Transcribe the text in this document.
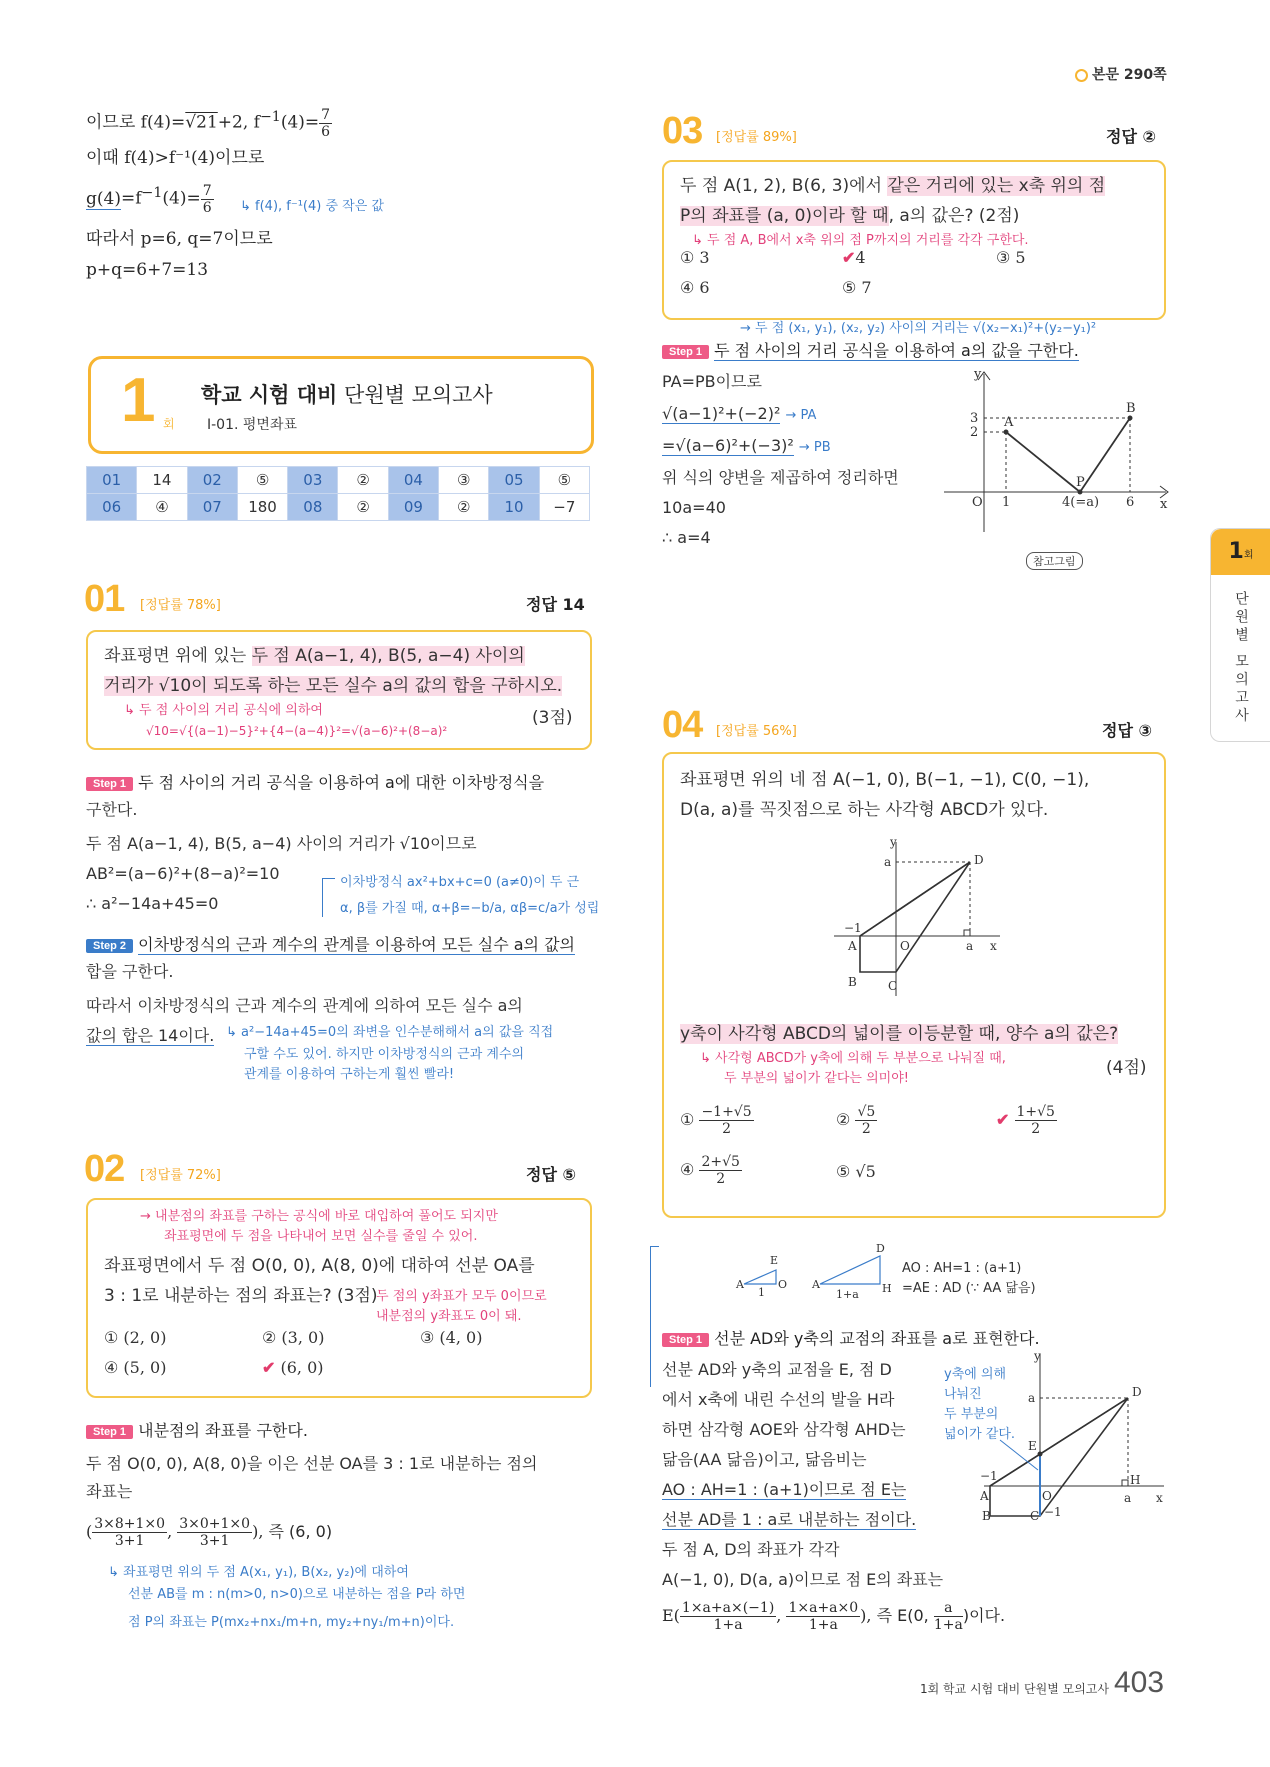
본문 290쪽
1회
단원별 모의고사
이므로 f(4)=√21+2, $f^{-1}(4)= \frac{7}{6}$
이때 f(4)>f⁻¹(4)이므로
$g(4)=f^{-1}(4)= \frac{7}{6}$ ↳ f(4), f⁻¹(4) 중 작은 값
따라서 p=6, q=7이므로
p+q=6+7=13
1 회
학교 시험 대비 단원별 모의고사
Ⅰ-01. 평면좌표
01	14	02	⑤	03	②	04	③	05	⑤
06	④	07	180	08	②	09	②	10	−7
01 [정답률 78%]	정답 14
좌표평면 위에 있는 두 점 A(a−1, 4), B(5, a−4) 사이의
거리가 √10이 되도록 하는 모든 실수 a의 값의 합을 구하시오.
↳ 두 점 사이의 거리 공식에 의하여
√10=√{(a−1)−5}²+{4−(a−4)}²=√(a−6)²+(8−a)²
(3점)
Step 1 두 점 사이의 거리 공식을 이용하여 a에 대한 이차방정식을
구한다.
두 점 A(a−1, 4), B(5, a−4) 사이의 거리가 √10이므로
AB²=(a−6)²+(8−a)²=10
∴ a²−14a+45=0
이차방정식 ax²+bx+c=0 (a≠0)이 두 근
α, β를 가질 때, α+β=−b/a, αβ=c/a가 성립
Step 2 이차방정식의 근과 계수의 관계를 이용하여 모든 실수 a의 값의
합을 구한다.
따라서 이차방정식의 근과 계수의 관계에 의하여 모든 실수 a의
값의 합은 14이다. ↳ a²−14a+45=0의 좌변을 인수분해해서 a의 값을 직접
구할 수도 있어. 하지만 이차방정식의 근과 계수의
관계를 이용하여 구하는게 훨씬 빨라!
02 [정답률 72%]	정답 ⑤
→ 내분점의 좌표를 구하는 공식에 바로 대입하여 풀어도 되지만
좌표평면에 두 점을 나타내어 보면 실수를 줄일 수 있어.
좌표평면에서 두 점 O(0, 0), A(8, 0)에 대하여 선분 OA를
3 : 1로 내분하는 점의 좌표는? (3점)
두 점의 y좌표가 모두 0이므로
내분점의 y좌표도 0이 돼.
① (2, 0)	② (3, 0)	③ (4, 0)
④ (5, 0)	✔ (6, 0)
Step 1 내분점의 좌표를 구한다.
두 점 O(0, 0), A(8, 0)을 이은 선분 OA를 3 : 1로 내분하는 점의
좌표는
( $\frac{3\times 8+1\times 0}{3+1}$ , $\frac{3\times 0+1\times 0}{3+1}$ ), 즉 (6, 0)
↳ 좌표평면 위의 두 점 A(x₁, y₁), B(x₂, y₂)에 대하여
선분 AB를 m : n(m>0, n>0)으로 내분하는 점을 P라 하면
점 P의 좌표는 P(mx₂+nx₁/m+n, my₂+ny₁/m+n)이다.
03 [정답률 89%]	정답 ②
두 점 A(1, 2), B(6, 3)에서 같은 거리에 있는 x축 위의 점
P의 좌표를 (a, 0)이라 할 때, a의 값은? (2점)
↳ 두 점 A, B에서 x축 위의 점 P까지의 거리를 각각 구한다.
① 3	✔4	③ 5
④ 6	⑤ 7
→ 두 점 (x₁, y₁), (x₂, y₂) 사이의 거리는 √(x₂−x₁)²+(y₂−y₁)²
Step 1 두 점 사이의 거리 공식을 이용하여 a의 값을 구한다.
PA=PB이므로
√(a−1)²+(−2)² → PA
=√(a−6)²+(−3)² → PB
위 식의 양변을 제곱하여 정리하면
10a=40
∴ a=4
y
x
O 1	4(=a) 6
3
2
A
B
P
참고그림
04 [정답률 56%]	정답 ③
좌표평면 위의 네 점 A(−1, 0), B(−1, −1), C(0, −1),
D(a, a)를 꼭짓점으로 하는 사각형 ABCD가 있다.
y
x
O
a
−1
A
B	C
D
a
y축이 사각형 ABCD의 넓이를 이등분할 때, 양수 a의 값은?
↳ 사각형 ABCD가 y축에 의해 두 부분으로 나눠질 때,
두 부분의 넓이가 같다는 의미야!
(4점)
① $\frac{-1+√5}{2}$	② $\frac{√5}{2}$	✔ $\frac{1+√5}{2}$
④ $\frac{2+√5}{2}$	⑤ √5
E
A	O
1
D
A	H
1+a
AO : AH=1 : (a+1)
=AE : AD (∵ AA 닮음)
Step 1 선분 AD와 y축의 교점의 좌표를 a로 표현한다.
선분 AD와 y축의 교점을 E, 점 D
에서 x축에 내린 수선의 발을 H라
하면 삼각형 AOE와 삼각형 AHD는
닮음(AA 닮음)이고, 닮음비는
AO : AH=1 : (a+1)이므로 점 E는
선분 AD를 1 : a로 내분하는 점이다.
두 점 A, D의 좌표가 각각
A(−1, 0), D(a, a)이므로 점 E의 좌표는
$E( \frac{1\times a+a\times(-1)}{1+a}$ , $\frac{1\times a+a\times 0}{1+a}$ ), 즉 E(0, $\frac{a}{1+a}$ )이다.
y축에 의해
나눠진
두 부분의
넓이가 같다.
y
x
a
−1
A	O
B	C
D
E
H
a
−1
1회 학교 시험 대비 단원별 모의고사 403
